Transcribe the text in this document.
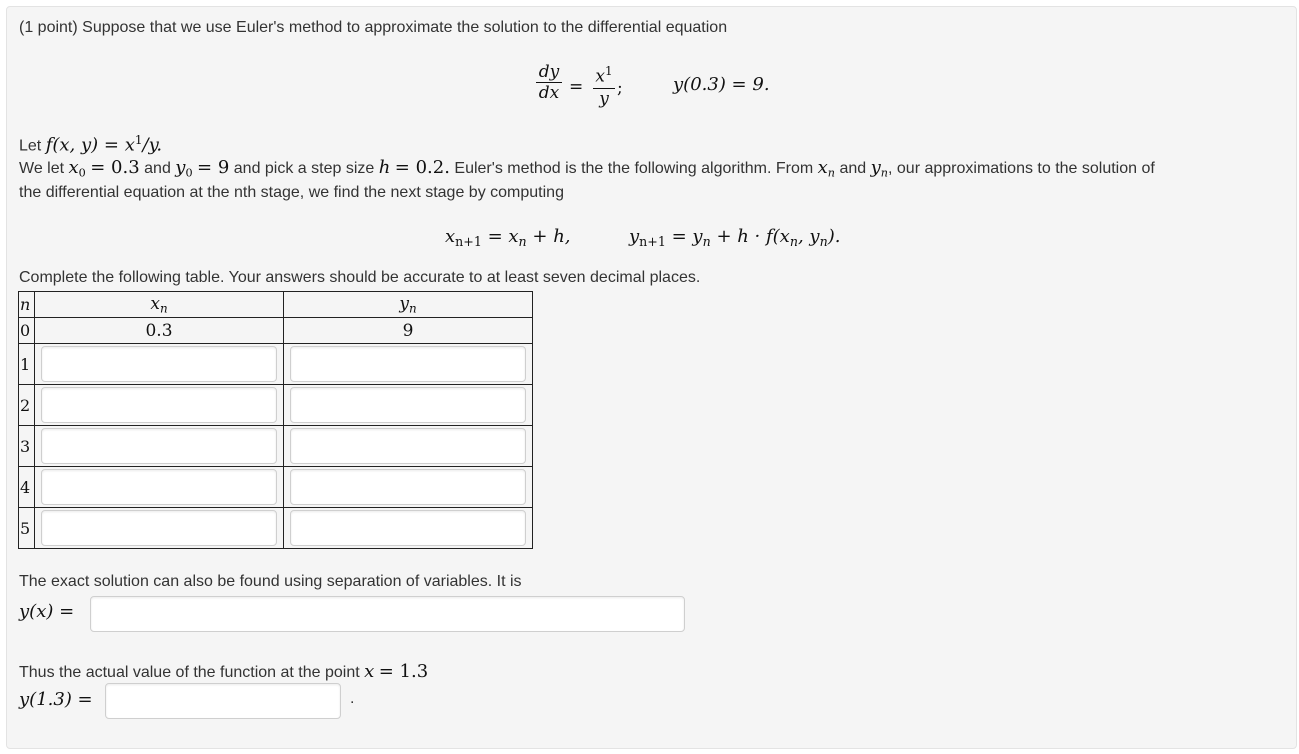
(1 point) Suppose that we use Euler's method to approximate the solution to the differential equation
dy
dx =
$x^1$
y
;	y(0.3) = 9.
Let f(x, $y) = x^1/y$.
We let $x_0 = 0.3$ and $y_0 = 9$ and pick a step size h = 0.2. Euler's method is the the following algorithm. From $x_n$ and $y_n$, our approximations to the solution of
the differential equation at the nth stage, we find the next stage by computing
$x_{n+1} = x_n + h$,	$y_{n+1} = y_n + h \cdot f(x_n$, $y_n$).
Complete the following table. Your answers should be accurate to at least seven decimal places.
n	$x_n$	$y_n$
0	0.3	9
1	

2	

3	

4	

5	

The exact solution can also be found using separation of variables. It is
y(x) =
Thus the actual value of the function at the point x = 1.3
y(1.3) =	.
